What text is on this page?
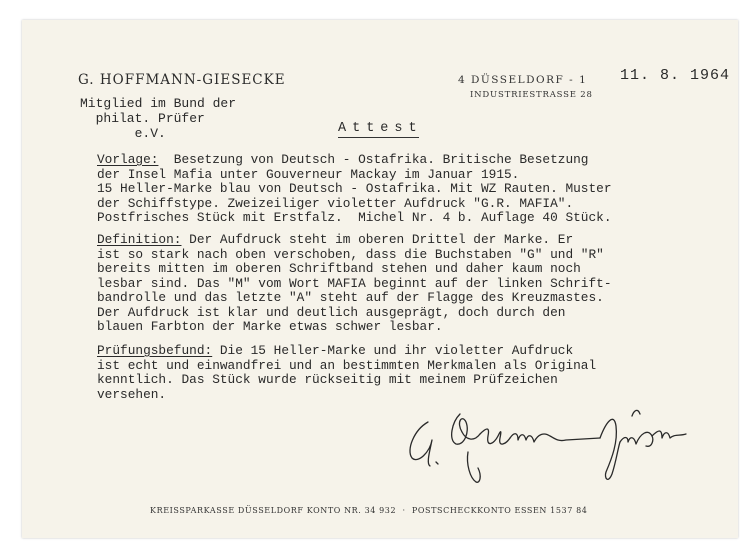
G. HOFFMANN-GIESECKE	4 DÜSSELDORF - 1
INDUSTRIESTRASSE 28
11. 8. 1964
Mitglied im Bund der
philat. Prüfer
e.V.	Attest
Vorlage:  Besetzung von Deutsch - Ostafrika. Britische Besetzung
der Insel Mafia unter Gouverneur Mackay im Januar 1915.
15 Heller-Marke blau von Deutsch - Ostafrika. Mit WZ Rauten. Muster
der Schiffstype. Zweizeiliger violetter Aufdruck "G.R. MAFIA".
Postfrisches Stück mit Erstfalz.  Michel Nr. 4 b. Auflage 40 Stück.
Definition: Der Aufdruck steht im oberen Drittel der Marke. Er
ist so stark nach oben verschoben, dass die Buchstaben "G" und "R"
bereits mitten im oberen Schriftband stehen und daher kaum noch
lesbar sind. Das "M" vom Wort MAFIA beginnt auf der linken Schrift-
bandrolle und das letzte "A" steht auf der Flagge des Kreuzmastes.
Der Aufdruck ist klar und deutlich ausgeprägt, doch durch den
blauen Farbton der Marke etwas schwer lesbar.
Prüfungsbefund: Die 15 Heller-Marke und ihr violetter Aufdruck
ist echt und einwandfrei und an bestimmten Merkmalen als Original
kenntlich. Das Stück wurde rückseitig mit meinem Prüfzeichen
versehen.
KREISSPARKASSE DÜSSELDORF KONTO NR. 34 932  ·  POSTSCHECKKONTO ESSEN 1537 84
